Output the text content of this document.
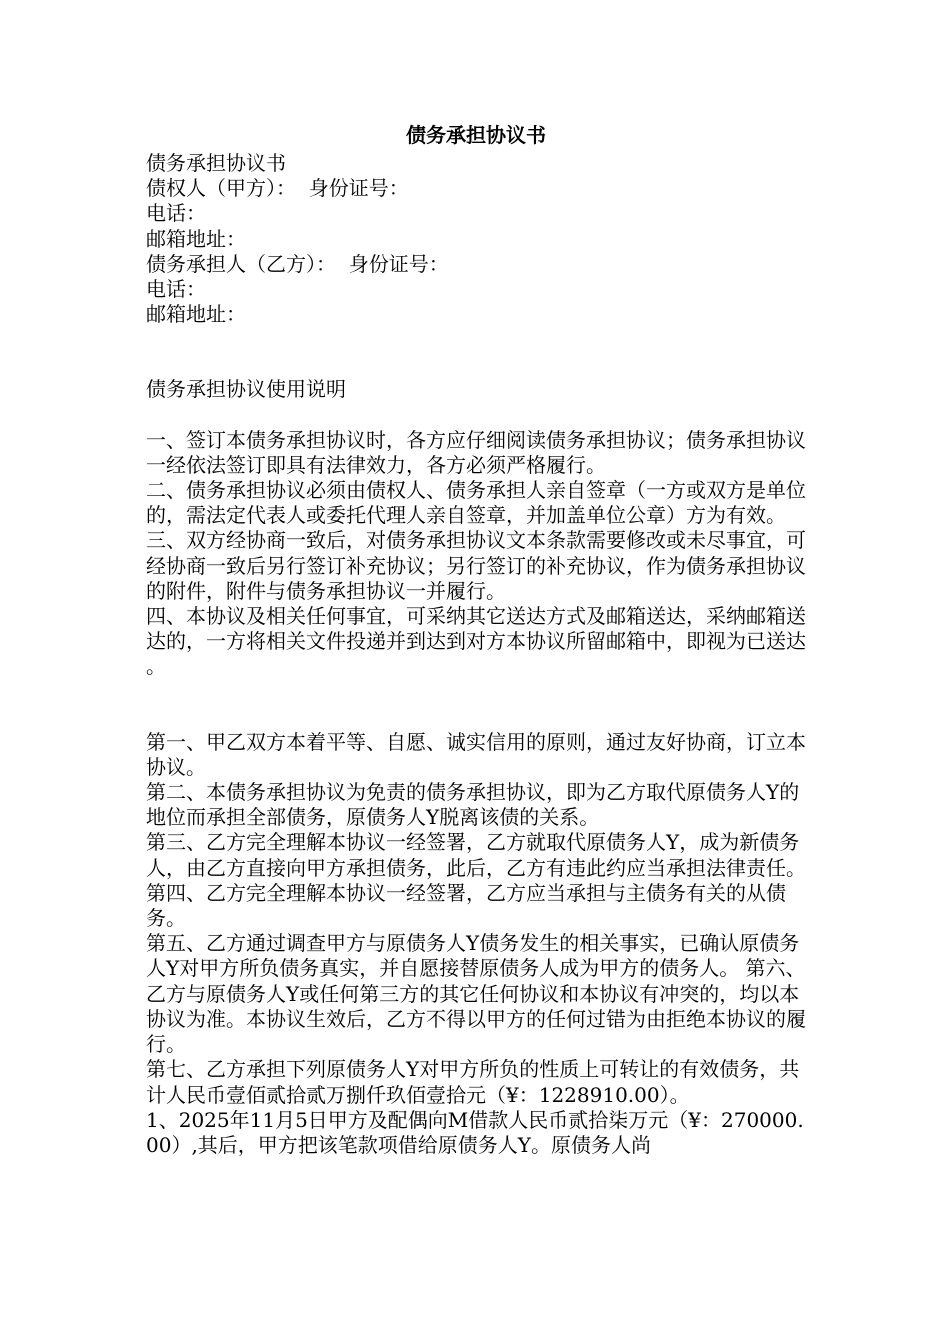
债务承担协议书

债务承担协议书

债权人（甲方）：  身份证号：

电话：

邮箱地址：

债务承担人（乙方）：  身份证号：

电话：

邮箱地址：

债务承担协议使用说明

一、签订本债务承担协议时，各方应仔细阅读债务承担协议；债务承担协议一经依法签订即具有法律效力，各方必须严格履行。

二、债务承担协议必须由债权人、债务承担人亲自签章（一方或双方是单位的，需法定代表人或委托代理人亲自签章，并加盖单位公章）方为有效。

三、双方经协商一致后，对债务承担协议文本条款需要修改或未尽事宜，可经协商一致后另行签订补充协议；另行签订的补充协议，作为债务承担协议的附件，附件与债务承担协议一并履行。

四、本协议及相关任何事宜，可采纳其它送达方式及邮箱送达，采纳邮箱送达的，一方将相关文件投递并到达到对方本协议所留邮箱中，即视为已送达 。

第一、甲乙双方本着平等、自愿、诚实信用的原则，通过友好协商，订立本协议。

第二、本债务承担协议为免责的债务承担协议，即为乙方取代原债务人Y的地位而承担全部债务，原债务人Y脱离该债的关系。

第三、乙方完全理解本协议一经签署，乙方就取代原债务人Y，成为新债务人，由乙方直接向甲方承担债务，此后，乙方有违此约应当承担法律责任。

第四、乙方完全理解本协议一经签署，乙方应当承担与主债务有关的从债务。

第五、乙方通过调查甲方与原债务人Y债务发生的相关事实，已确认原债务人Y对甲方所负债务真实，并自愿接替原债务人成为甲方的债务人。 第六、乙方与原债务人Y或任何第三方的其它任何协议和本协议有冲突的，均以本协议为准。本协议生效后，乙方不得以甲方的任何过错为由拒绝本协议的履行。

第七、乙方承担下列原债务人Y对甲方所负的性质上可转让的有效债务，共计人民币壹佰贰拾贰万捌仟玖佰壹拾元（¥：1228910.00）。

1、2025年11月5日甲方及配偶向M借款人民币贰拾柒万元（¥：270000.00）,其后，甲方把该笔款项借给原债务人Y。原债务人尚
